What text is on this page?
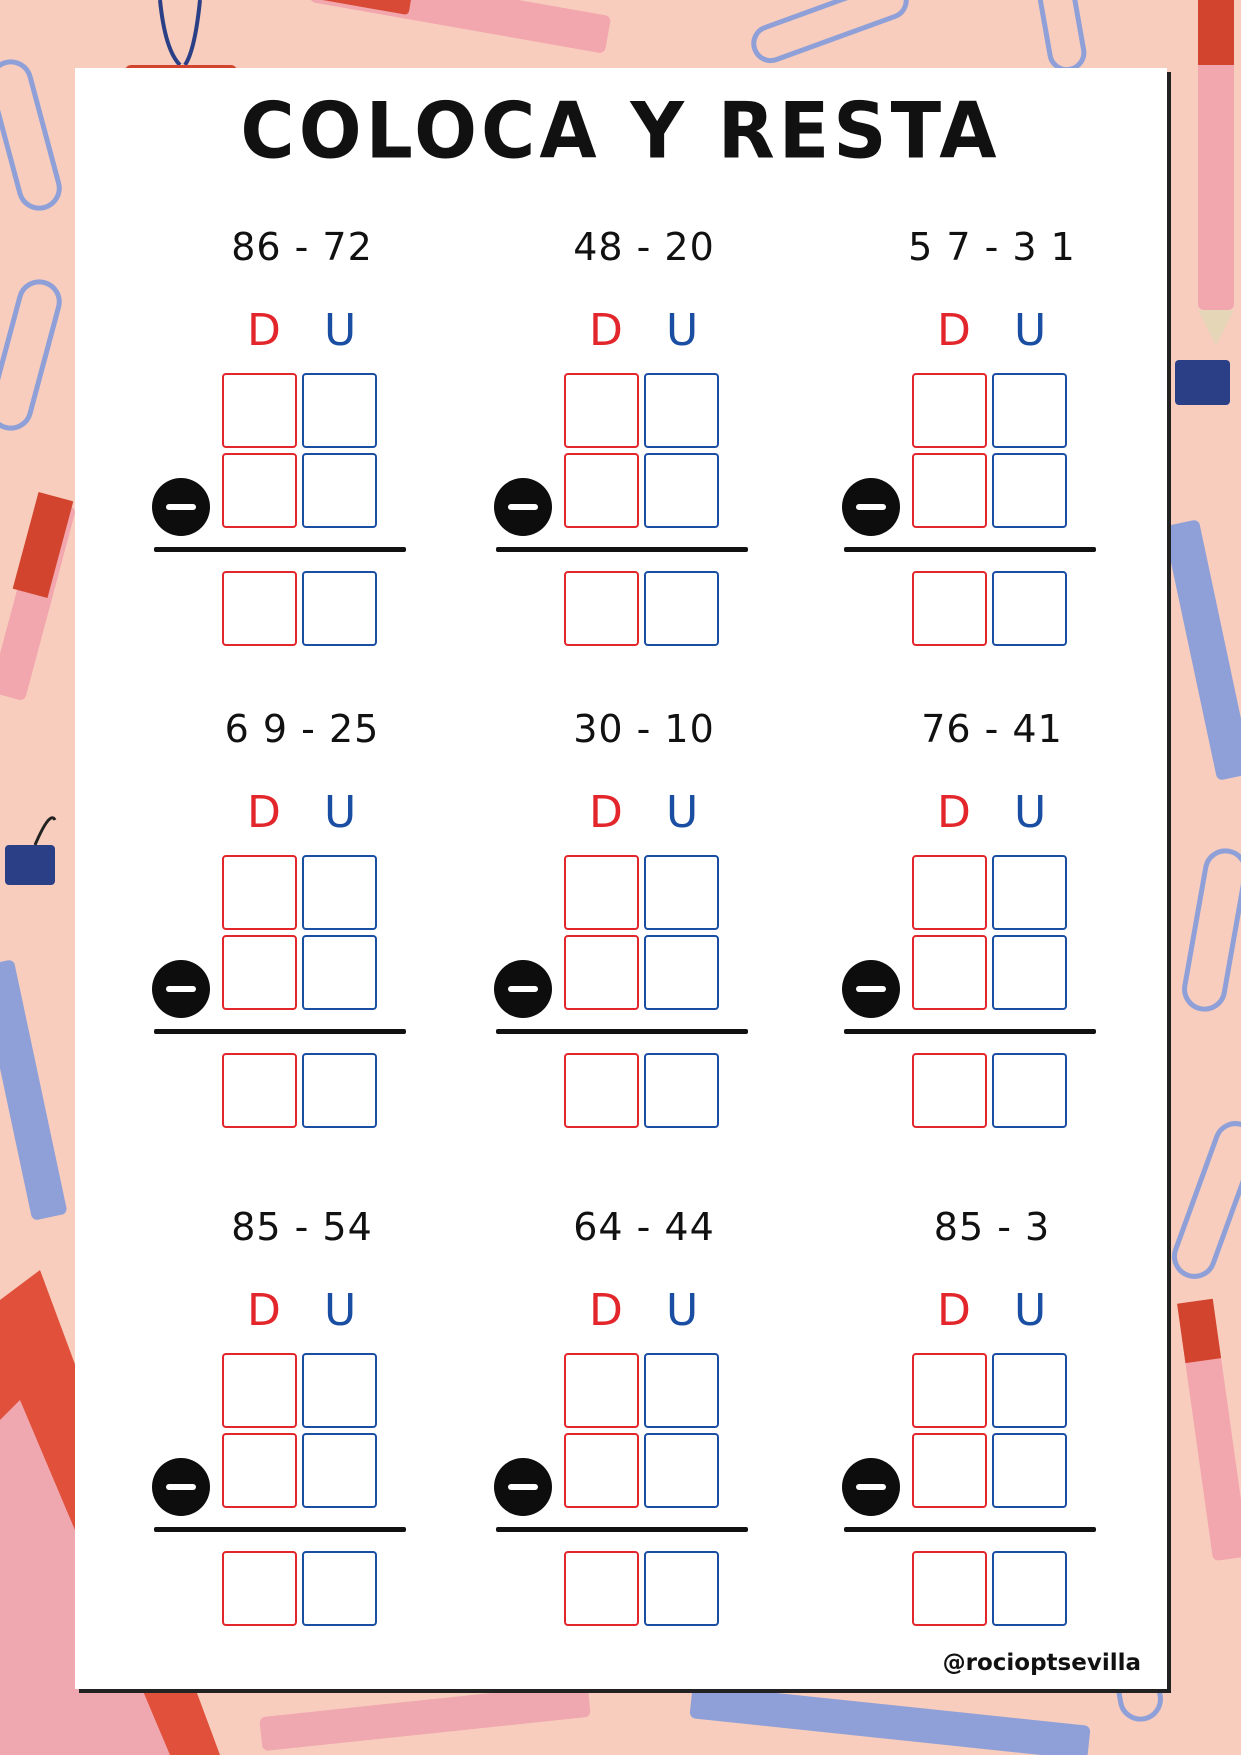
COLOCA Y RESTA
86 - 72
D U
48 - 20
D U
5 7 - 3 1
D U
6 9 - 25
D U
30 - 10
D U
76 - 41
D U
85 - 54
D U
64 - 44
D U
85 - 3
D U
@rocioptsevilla
